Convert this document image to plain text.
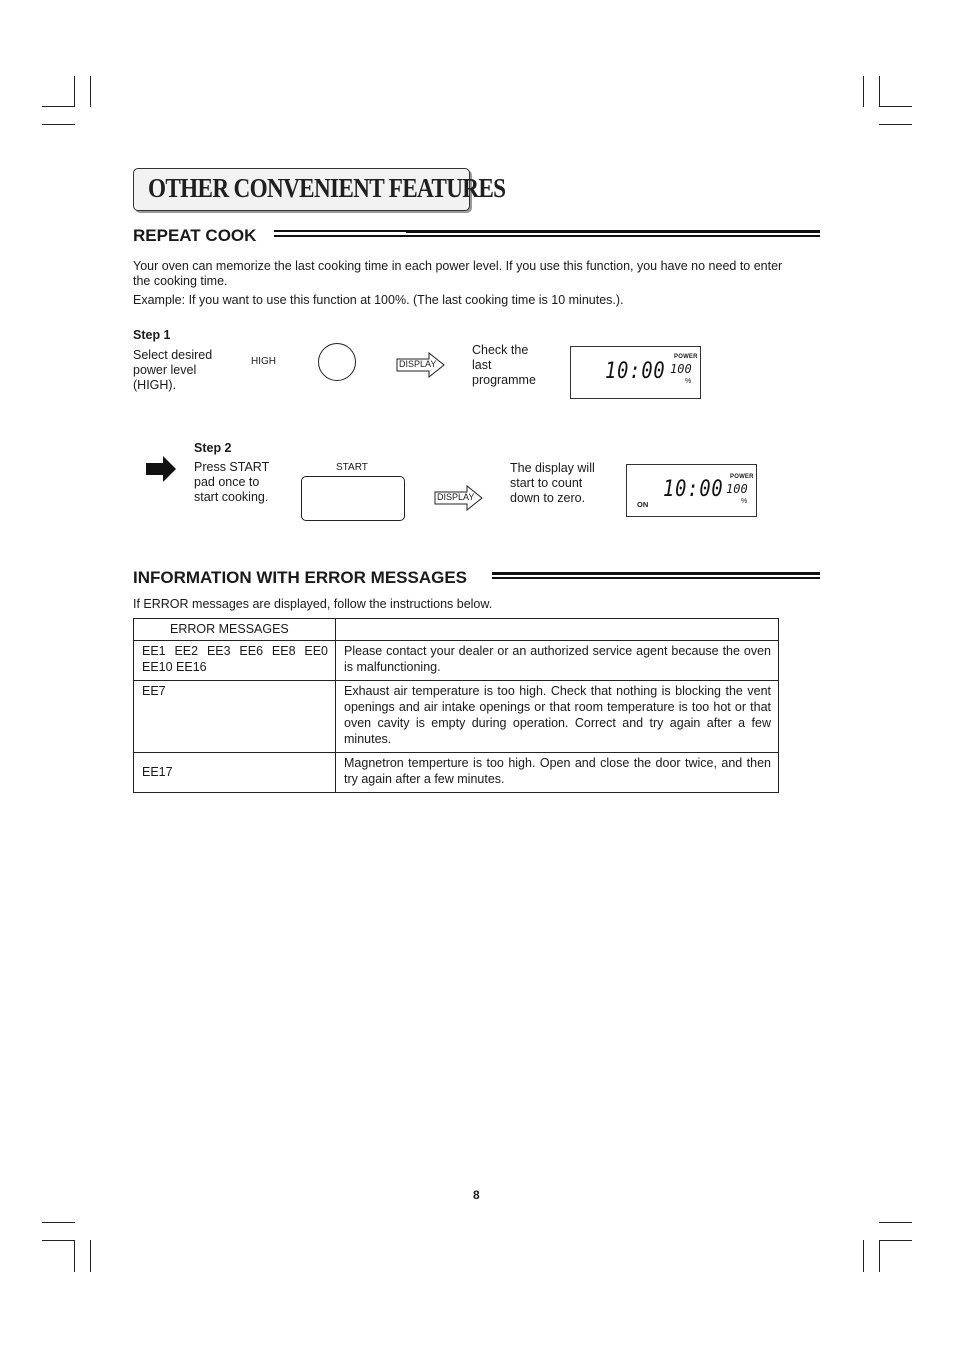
OTHER CONVENIENT FEATURES
REPEAT COOK
Your oven can memorize the last cooking time in each power level. If you use this function, you have no need to enter
the cooking time.
Example: If you want to use this function at 100%. (The last cooking time is 10 minutes.).
Step 1
Select desired
power level
(HIGH).
HIGH	DISPLAY
Check the
last
programme	10:00
POWER
100
%
Step 2
Press START
pad once to
start cooking.
START
DISPLAY
The display will
start to count
down to zero.	ON
10:00 POWER
100
%
INFORMATION WITH ERROR MESSAGES
If ERROR messages are displayed, follow the instructions below.
ERROR MESSAGES	

EE1 EE2 EE3 EE6 EE8 EE0
EE10 EE16	Please contact your dealer or an authorized service agent because the oven is malfunctioning.

EE7	Exhaust air temperature is too high. Check that nothing is blocking the vent openings and air intake openings or that room temperature is too hot or that oven cavity is empty during operation. Correct and try again after a few minutes.

EE17	Magnetron temperture is too high. Open and close the door twice, and then try again after a few minutes.
8
